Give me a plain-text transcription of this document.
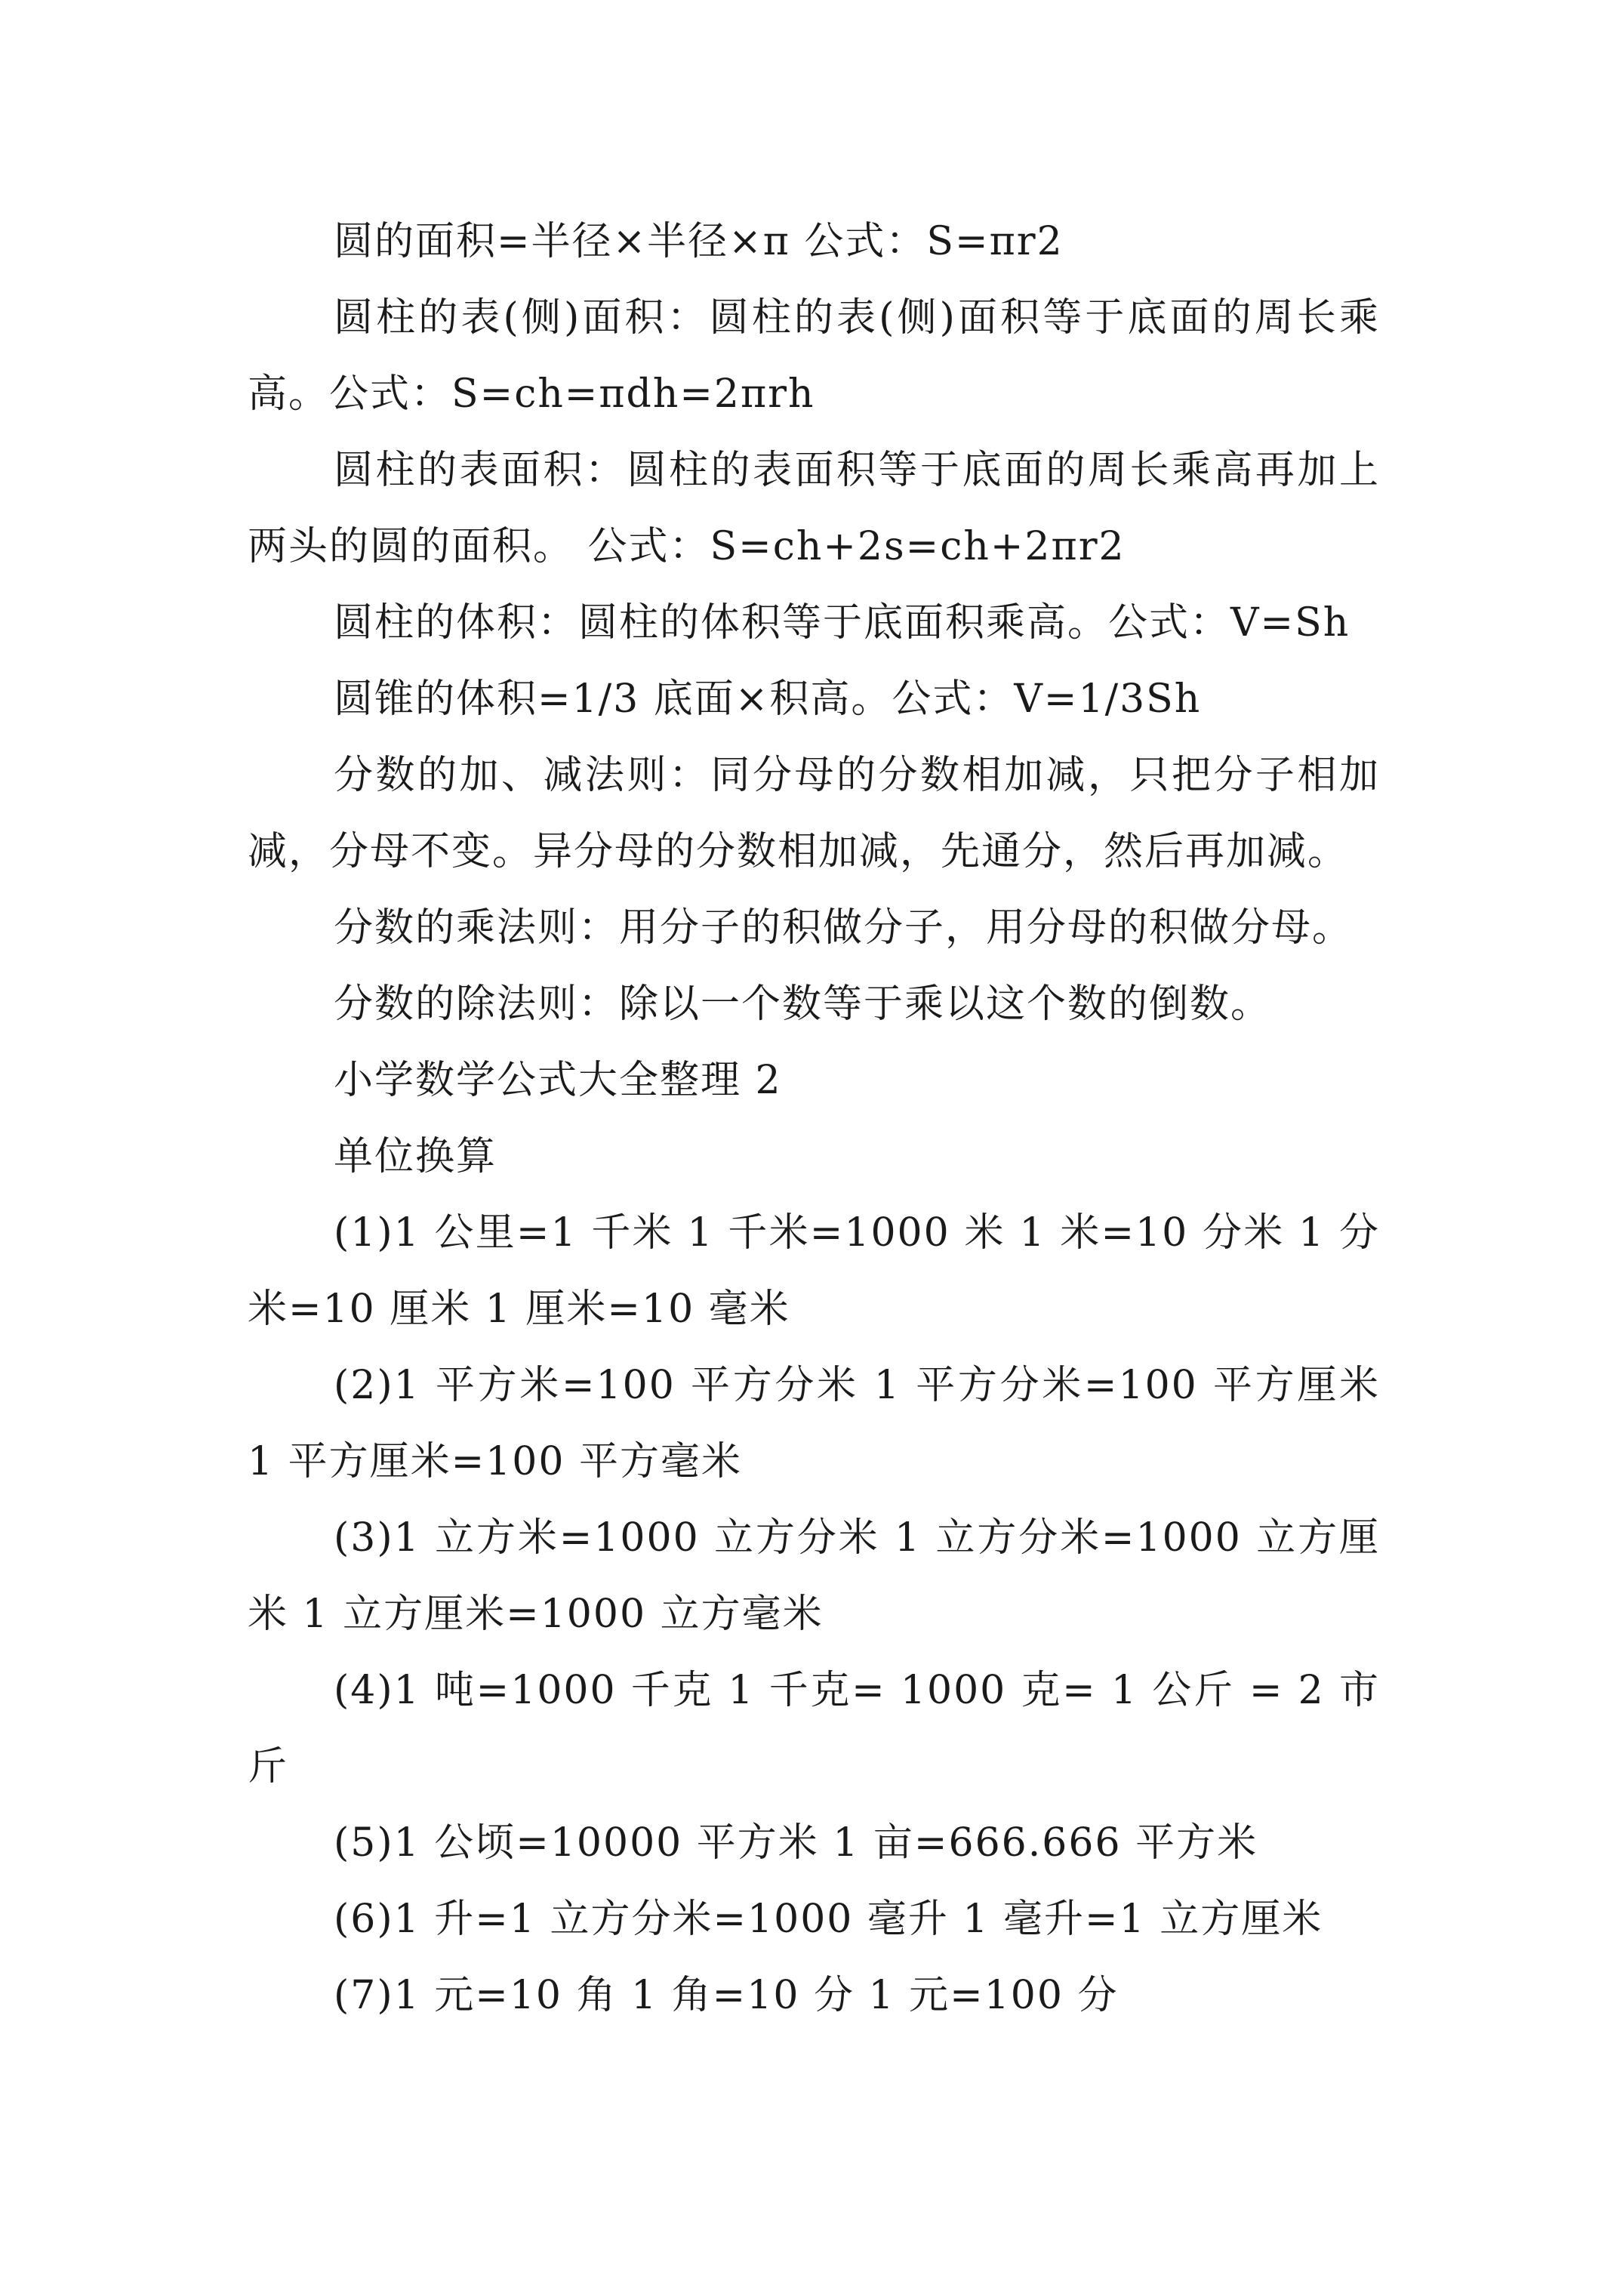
圆的面积=半径×半径×π 公式：S=πr2

圆柱的表(侧)面积：圆柱的表(侧)面积等于底面的周长乘高。公式：S=ch=πdh=2πrh

圆柱的表面积：圆柱的表面积等于底面的周长乘高再加上两头的圆的面积。 公式：S=ch+2s=ch+2πr2

圆柱的体积：圆柱的体积等于底面积乘高。公式：V=Sh

圆锥的体积=1/3 底面×积高。公式：V=1/3Sh

分数的加、减法则：同分母的分数相加减，只把分子相加减，分母不变。异分母的分数相加减，先通分，然后再加减。

分数的乘法则：用分子的积做分子，用分母的积做分母。

分数的除法则：除以一个数等于乘以这个数的倒数。

小学数学公式大全整理 2

单位换算

(1)1 公里=1 千米 1 千米=1000 米 1 米=10 分米 1 分米=10 厘米 1 厘米=10 毫米

(2)1 平方米=100 平方分米 1 平方分米=100 平方厘米 1 平方厘米=100 平方毫米

(3)1 立方米=1000 立方分米 1 立方分米=1000 立方厘米 1 立方厘米=1000 立方毫米

(4)1 吨=1000 千克 1 千克= 1000 克= 1 公斤 = 2 市斤

(5)1 公顷=10000 平方米 1 亩=666.666 平方米

(6)1 升=1 立方分米=1000 毫升 1 毫升=1 立方厘米

(7)1 元=10 角 1 角=10 分 1 元=100 分
